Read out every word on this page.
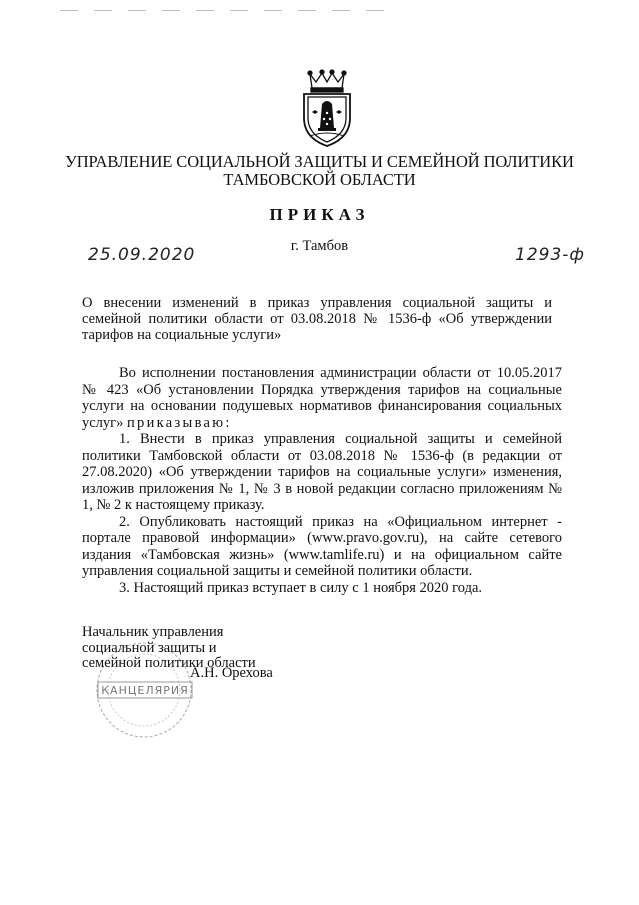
УПРАВЛЕНИЕ СОЦИАЛЬНОЙ ЗАЩИТЫ И СЕМЕЙНОЙ ПОЛИТИКИ
ТАМБОВСКОЙ ОБЛАСТИ
ПРИКАЗ
25.09.2020	г. Тамбов	1293-ф
О внесении изменений в приказ управления социальной защиты и семейной политики области от 03.08.2018 № 1536-ф «Об утверждении тарифов на социальные услуги»

Во исполнении постановления администрации области от 10.05.2017 № 423 «Об установлении Порядка утверждения тарифов на социальные услуги на основании подушевых нормативов финансирования социальных услуг» приказываю:

1. Внести в приказ управления социальной защиты и семейной политики Тамбовской области от 03.08.2018 № 1536-ф (в редакции от 27.08.2020) «Об утверждении тарифов на социальные услуги» изменения, изложив приложения № 1, № 3 в новой редакции согласно приложениям № 1, № 2 к настоящему приказу.

2. Опубликовать настоящий приказ на «Официальном интернет - портале правовой информации» (www.pravo.gov.ru), на сайте сетевого издания «Тамбовская жизнь» (www.tamlife.ru) и на официальном сайте управления социальной защиты и семейной политики области.

3. Настоящий приказ вступает в силу с 1 ноября 2020 года.

КАНЦЕЛЯРИЯ
Начальник управления
социальной защиты и
семейной политики области
А.Н. Орехова
